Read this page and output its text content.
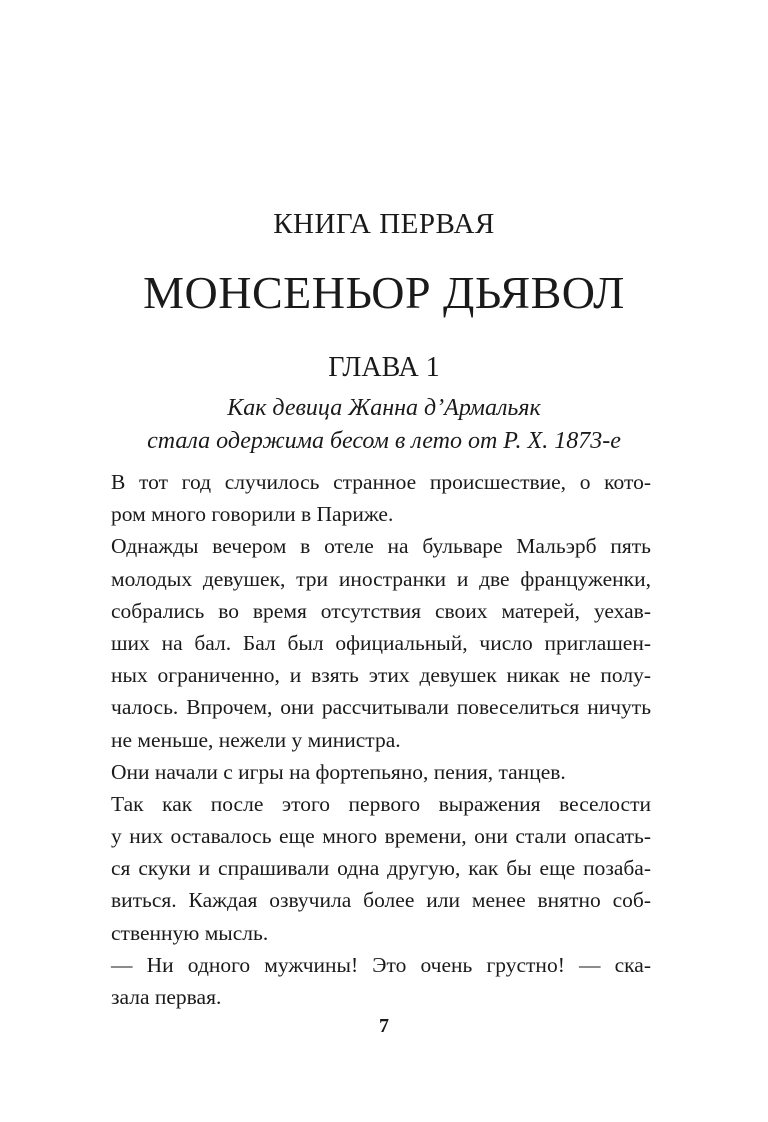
КНИГА ПЕРВАЯ
МОНСЕНЬОР ДЬЯВОЛ
ГЛАВА 1
Как девица Жанна д’Армальяк
стала одержима бесом в лето от Р. Х. 1873-е
В тот год случилось странное происшествие, о кото-
ром много говорили в Париже.
Однажды вечером в отеле на бульваре Мальэрб пять
молодых девушек, три иностранки и две француженки,
собрались во время отсутствия своих матерей, уехав-
ших на бал. Бал был официальный, число приглашен-
ных ограниченно, и взять этих девушек никак не полу-
чалось. Впрочем, они рассчитывали повеселиться ничуть
не меньше, нежели у министра.
Они начали с игры на фортепьяно, пения, танцев.
Так как после этого первого выражения веселости
у них оставалось еще много времени, они стали опасать-
ся скуки и спрашивали одна другую, как бы еще позаба-
виться. Каждая озвучила более или менее внятно соб-
ственную мысль.
— Ни одного мужчины! Это очень грустно! — ска-
зала первая.
7
